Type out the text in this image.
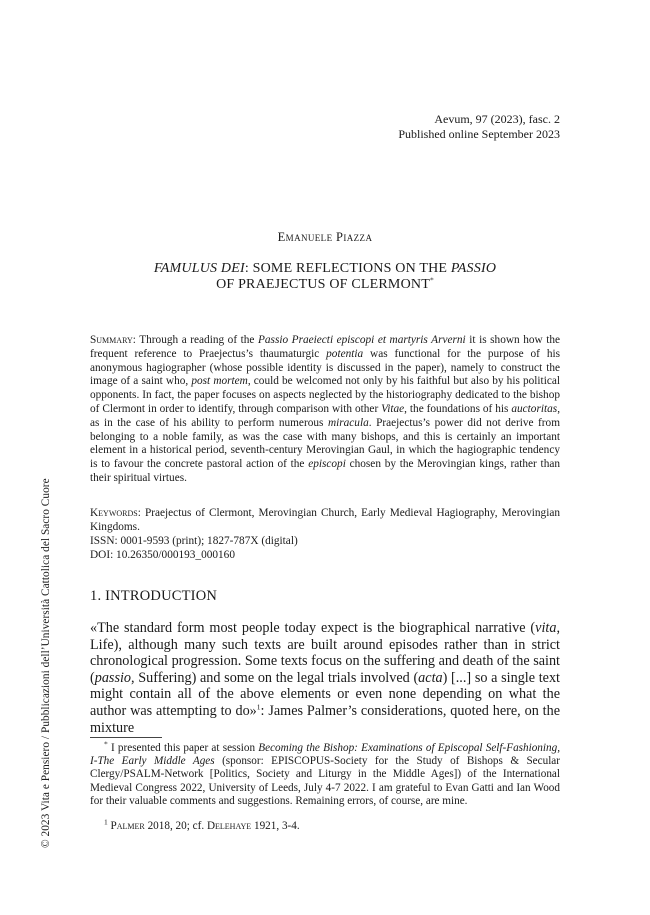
Aevum, 97 (2023), fasc. 2
Published online September 2023
© 2023 Vita e Pensiero / Pubblicazioni dell’Università Cattolica del Sacro Cuore
Emanuele Piazza
FAMULUS DEI: SOME REFLECTIONS ON THE PASSIO
OF PRAEJECTUS OF CLERMONT*
Summary: Through a reading of the Passio Praeiecti episcopi et martyris Arverni it is shown how the frequent reference to Praejectus’s thaumaturgic potentia was functional for the purpose of his anonymous hagiographer (whose possible identity is discussed in the paper), namely to construct the image of a saint who, post mortem, could be welcomed not only by his faithful but also by his political opponents. In fact, the paper focuses on aspects neglected by the historiography dedicated to the bishop of Clermont in order to identify, through comparison with other Vitae, the foundations of his auctoritas, as in the case of his ability to perform numerous miracula. Praejectus’s power did not derive from belonging to a noble family, as was the case with many bishops, and this is certainly an important element in a historical period, seventh-century Merovingian Gaul, in which the hagiographic tendency is to favour the concrete pastoral action of the episcopi chosen by the Merovingian kings, rather than their spiritual virtues.
Keywords: Praejectus of Clermont, Merovingian Church, Early Medieval Hagiography, Merovingian Kingdoms.
ISSN: 0001-9593 (print); 1827-787X (digital)
DOI: 10.26350/000193_000160
1. INTRODUCTION
«The standard form most people today expect is the biographical narrative (vita, Life), although many such texts are built around episodes rather than in strict chronological progression. Some texts focus on the suffering and death of the saint (passio, Suffering) and some on the legal trials involved (acta) [...] so a single text might contain all of the above elements or even none depending on what the author was attempting to do»$^1$: James Palmer’s considerations, quoted here, on the mixture
* I presented this paper at session Becoming the Bishop: Examinations of Episcopal Self-Fashioning, I-The Early Middle Ages (sponsor: EPISCOPUS-Society for the Study of Bishops & Secular Clergy/PSALM-Network [Politics, Society and Liturgy in the Middle Ages]) of the International Medieval Congress 2022, University of Leeds, July 4-7 2022. I am grateful to Evan Gatti and Ian Wood for their valuable comments and suggestions. Remaining errors, of course, are mine.
$^1$ Palmer 2018, 20; cf. Delehaye 1921, 3-4.
